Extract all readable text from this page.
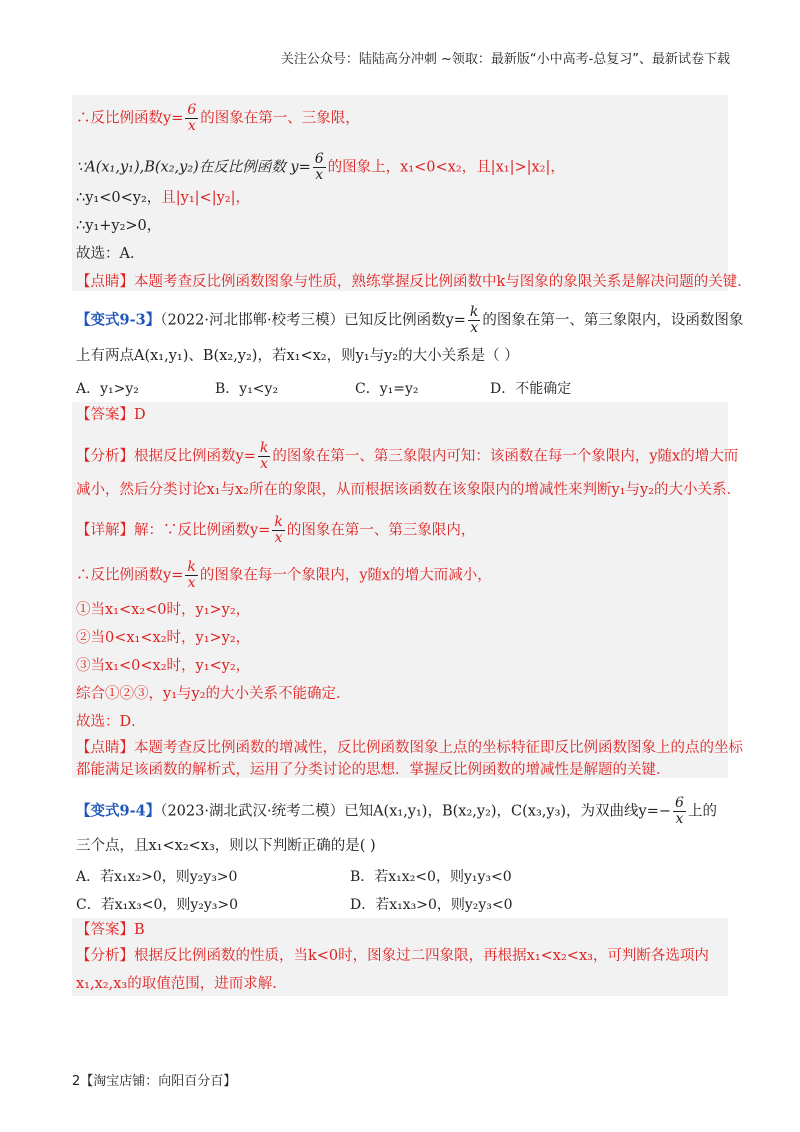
关注公众号：陆陆高分冲刺 ~领取：最新版“小中高考-总复习”、最新试卷下载
∴反比例函数$y= \frac{6}{x}$ 的图象在第一、三象限，
∵A(x₁,y₁),B(x₂,y₂)在反比例函数 $y= \frac{6}{x}$ 的图象上，x₁<0<x₂，且|x₁|>|x₂|，
∴y₁<0<y₂，且|y₁|<|y₂|，
∴y₁+y₂>0，
故选：A．
【点睛】本题考查反比例函数图象与性质，熟练掌握反比例函数中k与图象的象限关系是解决问题的关键．
【变式9-3】（2022·河北邯郸·校考三模）已知反比例函数$y= \frac{k}{x}$ 的图象在第一、第三象限内，设函数图象
上有两点A(x₁,y₁)、B(x₂,y₂)，若x₁<x₂，则y₁与y₂的大小关系是（ ）
A．y₁>y₂	B．y₁<y₂	C．y₁=y₂	D．不能确定
【答案】D
【分析】根据反比例函数$y= \frac{k}{x}$ 的图象在第一、第三象限内可知：该函数在每一个象限内，y随x的增大而
减小，然后分类讨论x₁与x₂所在的象限，从而根据该函数在该象限内的增减性来判断y₁与y₂的大小关系．
【详解】解：∵反比例函数$y= \frac{k}{x}$ 的图象在第一、第三象限内，
∴反比例函数$y= \frac{k}{x}$ 的图象在每一个象限内，y随x的增大而减小，
①当x₁<x₂<0时，y₁>y₂，
②当0<x₁<x₂时，y₁>y₂，
③当x₁<0<x₂时，y₁<y₂，
综合①②③，y₁与y₂的大小关系不能确定．
故选：D．
【点睛】本题考查反比例函数的增减性，反比例函数图象上点的坐标特征即反比例函数图象上的点的坐标
都能满足该函数的解析式，运用了分类讨论的思想．掌握反比例函数的增减性是解题的关键．
【变式9-4】（2023·湖北武汉·统考二模）已知A(x₁,y₁)，B(x₂,y₂)，C(x₃,y₃)，为双曲线$y=- \frac{6}{x}$ 上的
三个点，且x₁<x₂<x₃，则以下判断正确的是( )
A．若x₁x₂>0，则y₂y₃>0	B．若x₁x₂<0，则y₁y₃<0
C．若x₁x₃<0，则y₂y₃>0	D．若x₁x₃>0，则y₂y₃<0
【答案】B
【分析】根据反比例函数的性质，当k<0时，图象过二四象限，再根据x₁<x₂<x₃，可判断各选项内
x₁,x₂,x₃的取值范围，进而求解.
2【淘宝店铺：向阳百分百】
